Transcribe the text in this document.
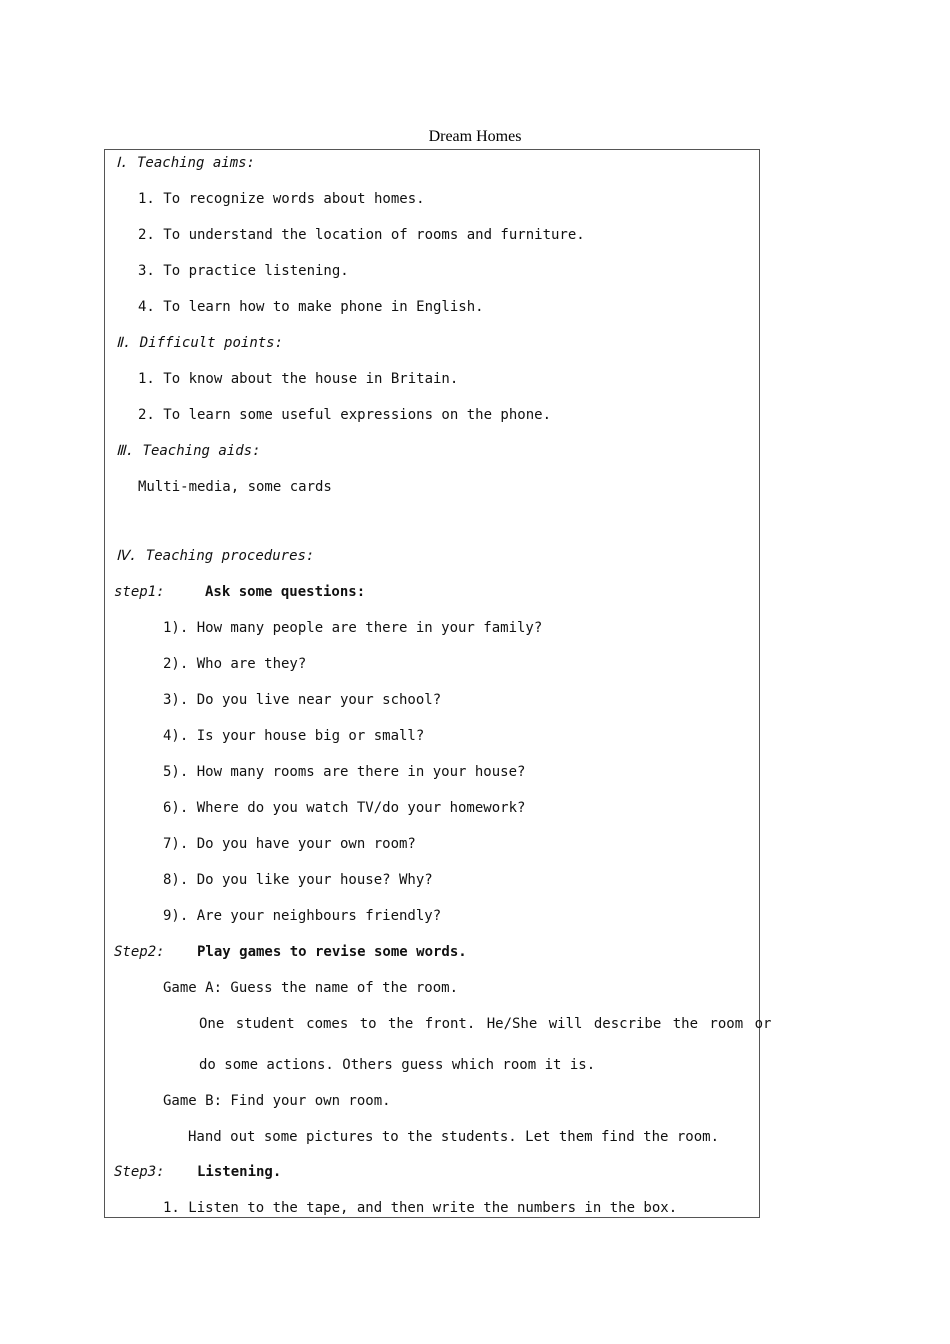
Dream Homes
Ⅰ. Teaching aims:
1. To recognize words about homes.
2. To understand the location of rooms and furniture.
3. To practice listening.
4. To learn how to make phone in English.
Ⅱ. Difficult points:
1. To know about the house in Britain.
2. To learn some useful expressions on the phone.
Ⅲ. Teaching aids:
Multi-media, some cards
Ⅳ. Teaching procedures:
step1:	Ask some questions:
1). How many people are there in your family?
2). Who are they?
3). Do you live near your school?
4). Is your house big or small?
5). How many rooms are there in your house?
6). Where do you watch TV/do your homework?
7). Do you have your own room?
8). Do you like your house? Why?
9). Are your neighbours friendly?
Step2: Play games to revise some words.
Game A: Guess the name of the room.
One student comes to the front. He/She will describe the room or
do some actions. Others guess which room it is.
Game B: Find your own room.
Hand out some pictures to the students. Let them find the room.
Step3: Listening.
1. Listen to the tape, and then write the numbers in the box.
